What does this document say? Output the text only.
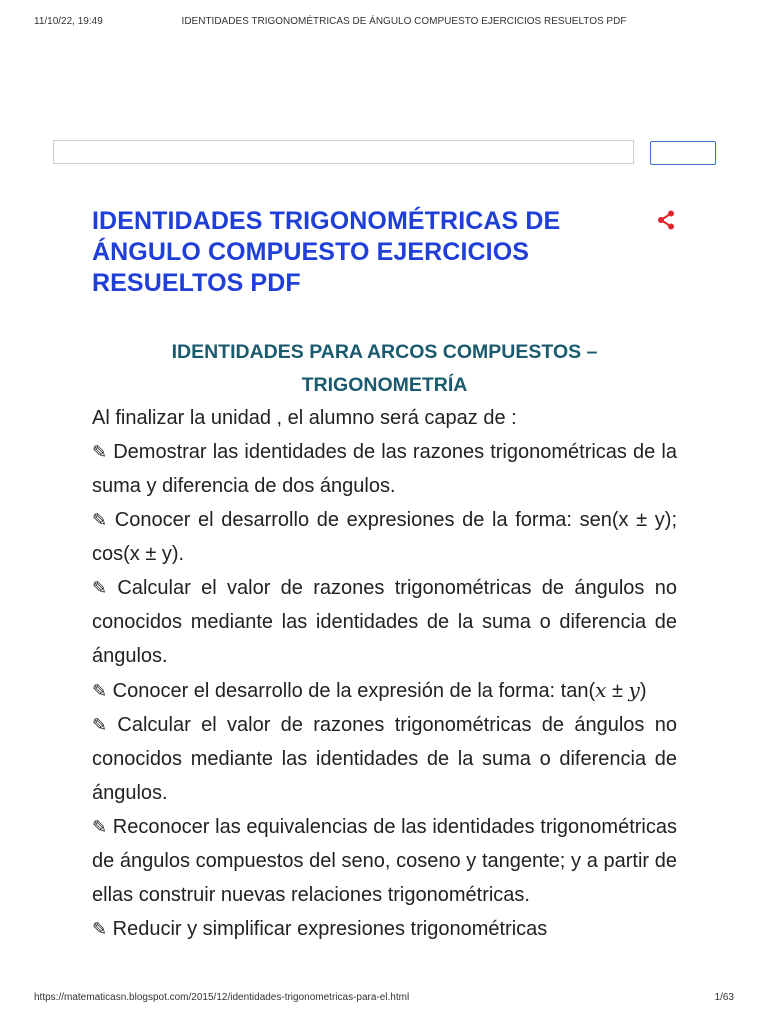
11/10/22, 19:49	IDENTIDADES TRIGONOMÉTRICAS DE ÁNGULO COMPUESTO EJERCICIOS RESUELTOS PDF
IDENTIDADES TRIGONOMÉTRICAS DE ÁNGULO COMPUESTO EJERCICIOS RESUELTOS PDF
IDENTIDADES PARA ARCOS COMPUESTOS – TRIGONOMETRÍA

Al finalizar la unidad , el alumno será capaz de :

✎ Demostrar las identidades de las razones trigonométricas de la suma y diferencia de dos ángulos.

✎ Conocer el desarrollo de expresiones de la forma: sen(x ± y); cos(x ± y).

✎ Calcular el valor de razones trigonométricas de ángulos no conocidos mediante las identidades de la suma o diferencia de ángulos.

✎ Conocer el desarrollo de la expresión de la forma: tan(x ± y)

✎ Calcular el valor de razones trigonométricas de ángulos no conocidos mediante las identidades de la suma o diferencia de ángulos.

✎ Reconocer las equivalencias de las identidades trigonométricas de ángulos compuestos del seno, coseno y tangente; y a partir de ellas construir nuevas relaciones trigonométricas.

✎ Reducir y simplificar expresiones trigonométricas

https://matematicasn.blogspot.com/2015/12/identidades-trigonometricas-para-el.html	1/63
